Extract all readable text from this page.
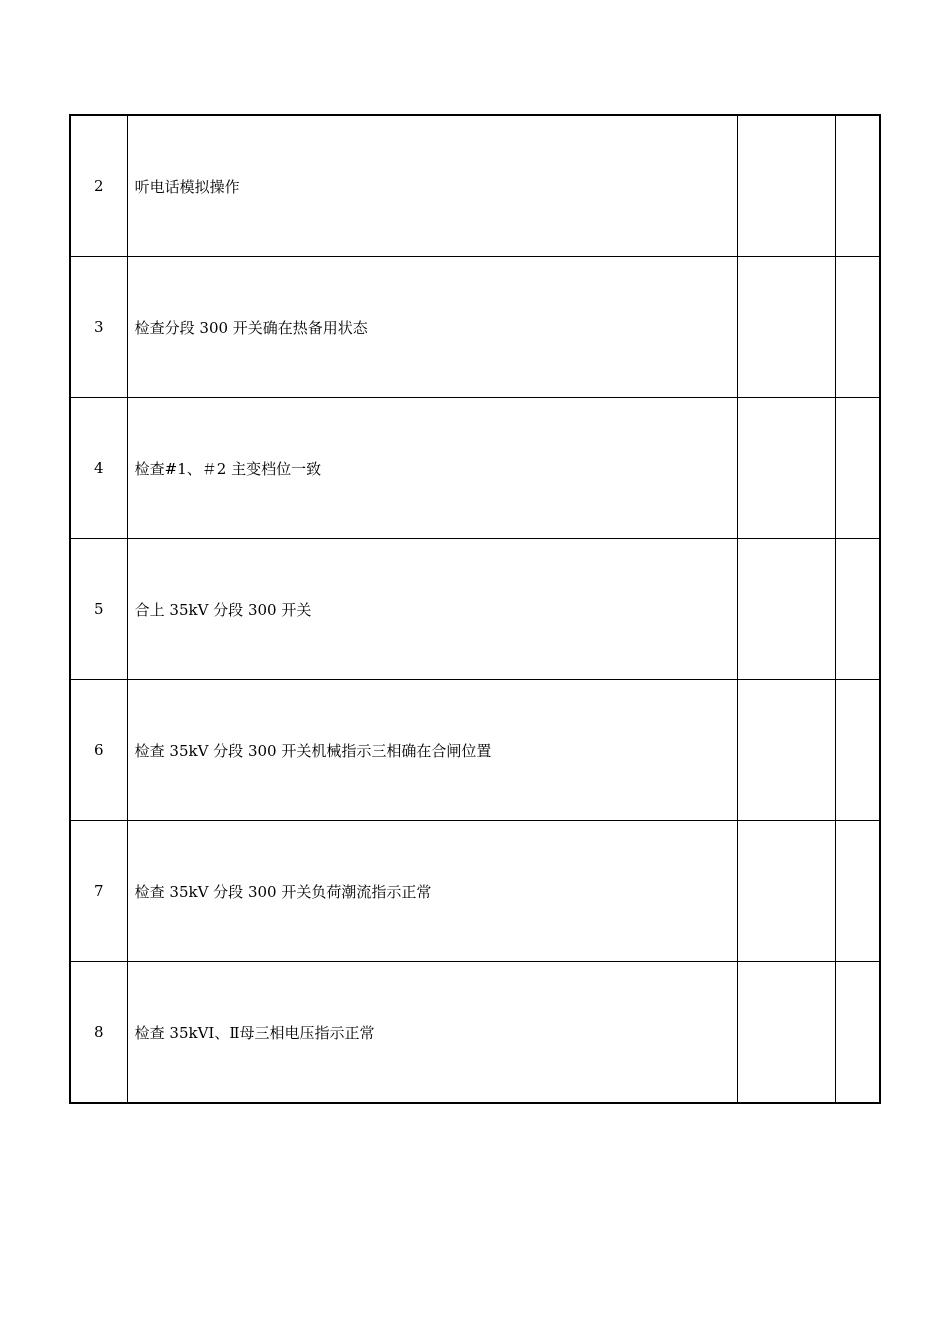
2	听电话模拟操作		
3	检查分段 300 开关确在热备用状态		
4	检查#1、＃2 主变档位一致		
5	合上 35kV 分段 300 开关		
6	检查 35kV 分段 300 开关机械指示三相确在合闸位置		
7	检查 35kV 分段 300 开关负荷潮流指示正常		
8	检查 35kVⅠ、Ⅱ母三相电压指示正常		
